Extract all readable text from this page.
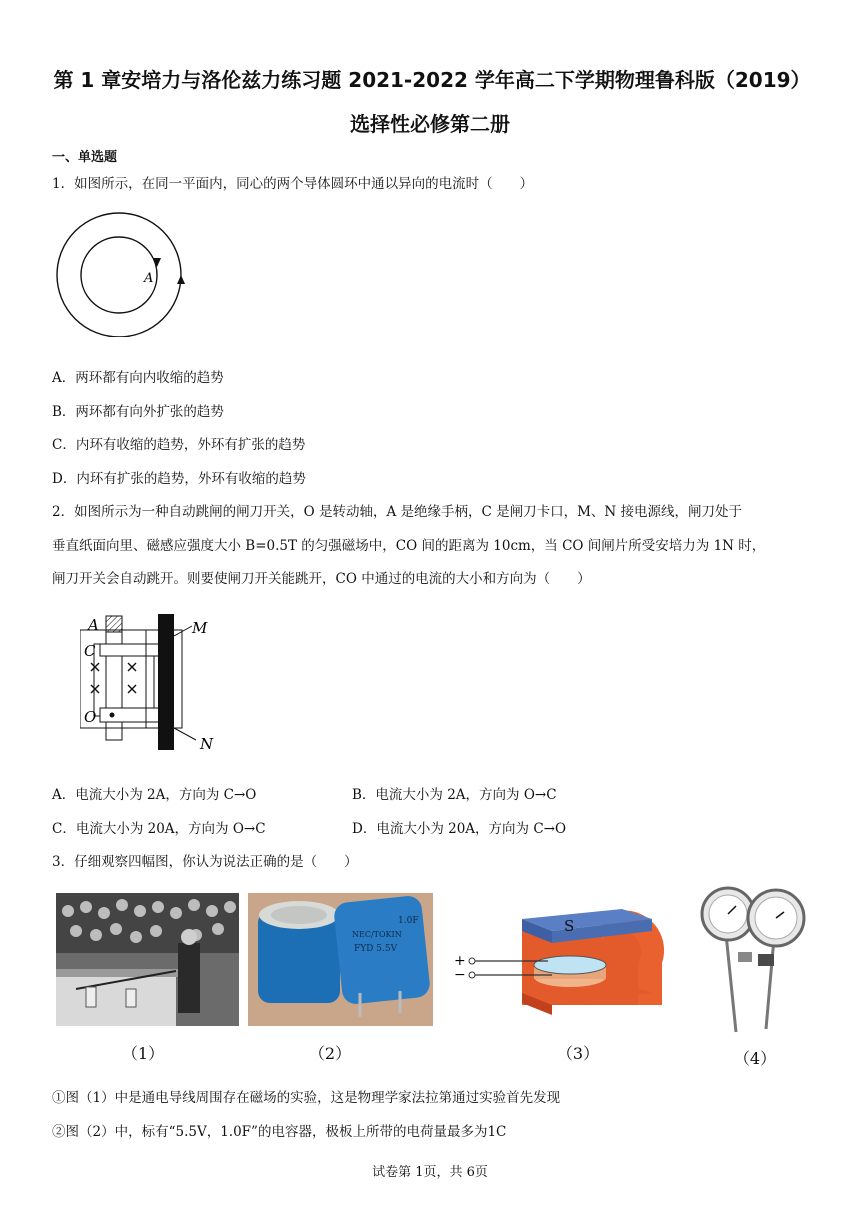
第 1 章安培力与洛伦兹力练习题 2021-2022 学年高二下学期物理鲁科版（2019）
选择性必修第二册
一、单选题
1．如图所示，在同一平面内，同心的两个导体圆环中通以异向的电流时（　　）
A
A．两环都有向内收缩的趋势
B．两环都有向外扩张的趋势
C．内环有收缩的趋势，外环有扩张的趋势
D．内环有扩张的趋势，外环有收缩的趋势
2．如图所示为一种自动跳闸的闸刀开关，O 是转动轴，A 是绝缘手柄，C 是闸刀卡口，M、N 接电源线，闸刀处于
垂直纸面向里、磁感应强度大小 B=0.5T 的匀强磁场中，CO 间的距离为 10cm，当 CO 间闸片所受安培力为 1N 时，
闸刀开关会自动跳开。则要使闸刀开关能跳开，CO 中通过的电流的大小和方向为（　　）
A
C
O
M
N
A．电流大小为 2A，方向为 C→O	B．电流大小为 2A，方向为 O→C
C．电流大小为 20A，方向为 O→C	D．电流大小为 20A，方向为 C→O
3．仔细观察四幅图，你认为说法正确的是（　　）
1.0F
NEC/TOKIN
FYD 5.5V
S
+
−
（1）	（2）	（3）	（4）
①图（1）中是通电导线周围存在磁场的实验，这是物理学家法拉第通过实验首先发现
②图（2）中，标有“5.5V，1.0F”的电容器，极板上所带的电荷量最多为1C
试卷第 1页，共 6页
